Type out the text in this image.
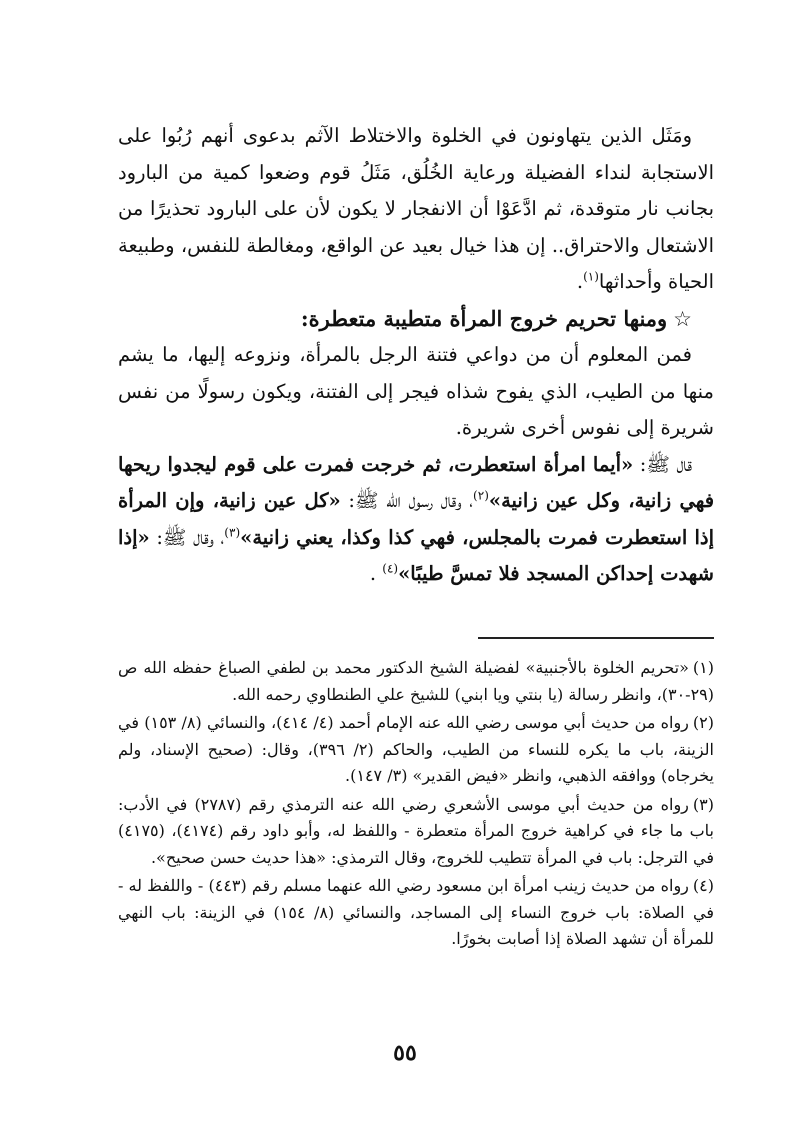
ومَثَل الذين يتهاونون في الخلوة والاختلاط الآثم بدعوى أنهم رُبُوا على الاستجابة لنداء الفضيلة ورعاية الخُلُق، مَثَلُ قوم وضعوا كمية من البارود بجانب نار متوقدة، ثم ادَّعَوْا أن الانفجار لا يكون لأن على البارود تحذيرًا من الاشتعال والاحتراق.. إن هذا خيال بعيد عن الواقع، ومغالطة للنفس، وطبيعة الحياة وأحداثها$^{(١)}$.

☆ومنها تحريم خروج المرأة متطيبة متعطرة:

فمن المعلوم أن من دواعي فتنة الرجل بالمرأة، ونزوعه إليها، ما يشم منها من الطيب، الذي يفوح شذاه فيجر إلى الفتنة، ويكون رسولًا من نفس شريرة إلى نفوس أخرى شريرة.

قال ﷺ: «أيما امرأة استعطرت، ثم خرجت فمرت على قوم ليجدوا ريحها فهي زانية، وكل عين زانية»$^{(٢)}$، وقال رسول الله ﷺ: «كل عين زانية، وإن المرأة إذا استعطرت فمرت بالمجلس، فهي كذا وكذا، يعني زانية»$^{(٣)}$، وقال ﷺ: «إذا شهدت إحداكن المسجد فلا تمسَّ طيبًا»$^{(٤)}$ .

(١)«تحريم الخلوة بالأجنبية» لفضيلة الشيخ الدكتور محمد بن لطفي الصباغ حفظه الله ص (٢٩-٣٠)، وانظر رسالة (يا بنتي ويا ابني) للشيخ علي الطنطاوي رحمه الله.

(٢)رواه من حديث أبي موسى رضي الله عنه الإمام أحمد (٤/ ٤١٤)، والنسائي (٨/ ١٥٣) في الزينة، باب ما يكره للنساء من الطيب، والحاكم (٢/ ٣٩٦)، وقال: (صحيح الإسناد، ولم يخرجاه) ووافقه الذهبي، وانظر «فيض القدير» (٣/ ١٤٧).

(٣)رواه من حديث أبي موسى الأشعري رضي الله عنه الترمذي رقم (٢٧٨٧) في الأدب: باب ما جاء في كراهية خروج المرأة متعطرة - واللفظ له، وأبو داود رقم (٤١٧٤)، (٤١٧٥) في الترجل: باب في المرأة تتطيب للخروج، وقال الترمذي: «هذا حديث حسن صحيح».

(٤)رواه من حديث زينب امرأة ابن مسعود رضي الله عنهما مسلم رقم (٤٤٣) - واللفظ له - في الصلاة: باب خروج النساء إلى المساجد، والنسائي (٨/ ١٥٤) في الزينة: باب النهي للمرأة أن تشهد الصلاة إذا أصابت بخورًا.

٥٥
